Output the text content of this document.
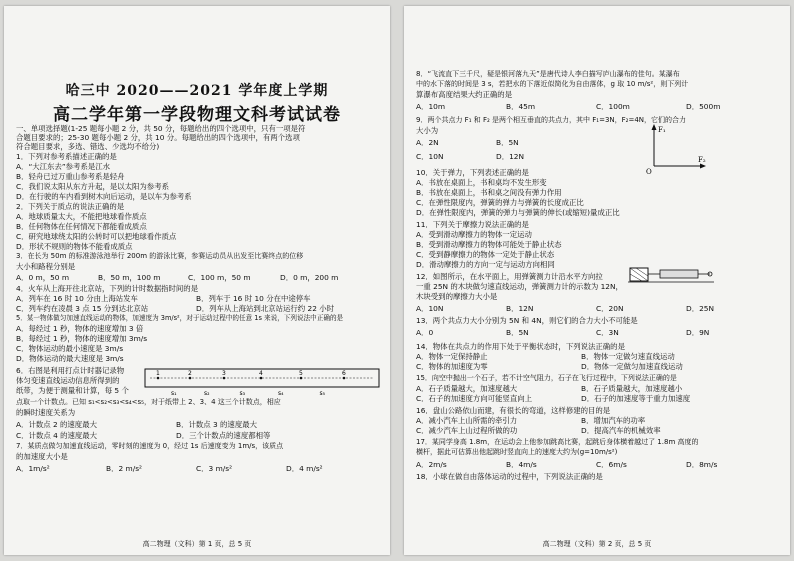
哈三中 2020——2021 学年度上学期
高二学年第一学段物理文科考试试卷
一、单项选择题(1-25 题每小题 2 分，共 50 分，每题给出的四个选项中，只有一项是符
合题目要求的；25-30 题每小题 2 分，共 10 分。每题给出的四个选项中，有两个选项
符合题目要求，多选、错选、少选均不给分)
1．下列对参考系描述正确的是
A．“大江东去”参考系是江水
B．轻舟已过万重山参考系是轻舟
C．我们说太阳从东方升起，是以太阳为参考系
D．在行驶的车内看到树木向后运动，是以车为参考系
2．下列关于质点的说法正确的是
A．地球质量太大，不能把地球看作质点
B．任何物体在任何情况下都能看成质点
C．研究地球绕太阳的公转时可以把地球看作质点
D．形状不规则的物体不能看成质点
3．在长为 50m 的标准游泳池举行 200m 的游泳比赛，参赛运动员从出发至比赛终点的位移
大小和路程分别是
A．0 m，50 m	B．50 m，100 m	C．100 m，50 m	D．0 m，200 m
4．火车从上海开往北京站，下列的计时数据指时间的是
A．列车在 16 时 10 分由上海站发车	B．列车于 16 时 10 分在中途停车
C．列车约在凌晨 3 点 15 分到达北京站	D．列车从上海站到北京站运行约 22 小时
5．某一物体做匀加速直线运动的物体，加速度为 3m/s²，对于运动过程中的任意 1s 来说，下列说法中正确的是
A．每经过 1 秒，物体的速度增加 3 倍
B．每经过 1 秒，物体的速度增加 3m/s
C．物体运动的最小速度是 3m/s
D．物体运动的最大速度是 3m/s
6．右图是利用打点计时器记录物
体匀变速直线运动信息所得到的
纸带，为便于测量和计算，每 5 个
1	2	3	4	5	6
s₁	s₂	s₃	s₄	s₅
点取一个计数点。已知 s₁<s₂<s₃<s₄<s₅，对于纸带上 2、3、4 这三个计数点，相应
的瞬时速度关系为
A．计数点 2 的速度最大	B．计数点 3 的速度最大
C．计数点 4 的速度最大	D．三个计数点的速度都相等
7．某质点做匀加速直线运动，零时刻的速度为 0，经过 1s 后速度变为 1m/s，该质点
的加速度大小是
A．1m/s²	B．2 m/s²	C．3 m/s²	D．4 m/s²
高二物理（文科）第 1 页，总 5 页
8．“飞流直下三千尺，疑是银河落九天”是唐代诗人李白描写庐山瀑布的佳句。某瀑布
中的水下落的时间是 3 s，若把水的下落近似简化为自由落体，g 取 10 m/s²，则下列计
算瀑布高度结果大约正确的是
A．10m	B．45m	C．100m	D．500m
9．两个共点力 F₁ 和 F₂ 是两个相互垂直的共点力，其中 F₁=3N，F₂=4N，它们的合力
大小为	F₁
F₂
O
A．2N	B．5N
C．10N	D．12N
10．关于弹力，下列表述正确的是
A．书放在桌面上，书和桌均不发生形变
B．书放在桌面上，书和桌之间没有弹力作用
C．在弹性限度内，弹簧的弹力与弹簧的长度成正比
D．在弹性限度内，弹簧的弹力与弹簧的伸长(或缩短)量成正比
11．下列关于摩擦力说法正确的是
A．受到滑动摩擦力的物体一定运动
B．受到滑动摩擦力的物体可能处于静止状态
C．受到静摩擦力的物体一定处于静止状态
D．滑动摩擦力的方向一定与运动方向相同
12．如图所示，在水平面上，用弹簧测力计沿水平方向拉
一重 25N 的木块做匀速直线运动，弹簧测力计的示数为 12N，
木块受到的摩擦力大小是
A．10N	B．12N	C．20N	D．25N
13．两个共点力大小分别为 5N 和 4N，则它们的合力大小不可能是
A．0	B．5N	C．3N	D．9N
14．物体在共点力的作用下处于平衡状态时，下列说法正确的是
A．物体一定保持静止	B．物体一定做匀速直线运动
C．物体的加速度为零	D．物体一定做匀加速直线运动
15．向空中抛出一个石子，若不计空气阻力，石子在飞行过程中，下列说法正确的是
A．石子质量越大，加速度越大	B．石子质量越大，加速度越小
C．石子的加速度方向可能竖直向上	D．石子的加速度等于重力加速度
16．盘山公路依山而建，有很长的弯道，这样修建的目的是
A．减小汽车上山所需的牵引力	B．增加汽车的功率
C．减少汽车上山过程所做的功	D．提高汽车的机械效率
17．某同学身高 1.8m，在运动会上他参加跳高比赛，起跳后身体横着越过了 1.8m 高度的
横杆，据此可估算出他起跳时竖直向上的速度大约为(g=10m/s²)
A．2m/s	B．4m/s	C．6m/s	D．8m/s
18．小球在做自由落体运动的过程中，下列说法正确的是
高二物理（文科）第 2 页，总 5 页
